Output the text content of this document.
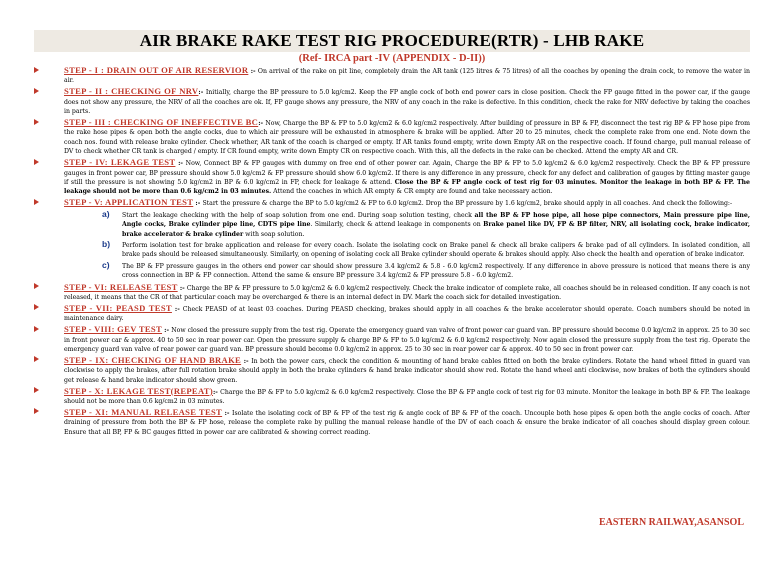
AIR BRAKE RAKE TEST RIG PROCEDURE(RTR) - LHB RAKE
(Ref- IRCA part -IV (APPENDIX - D-II))
STEP - I : DRAIN OUT OF AIR RESERVIOR :- On arrival of the rake on pit line, completely drain the AR tank (125 litres & 75 litres) of all the coaches by opening the drain cock, to remove the water in air.
STEP - II : CHECKING OF NRV:- Initially, charge the BP pressure to 5.0 kg/cm2. Keep the FP angle cock of both end power cars in close position. Check the FP gauge fitted in the power car, if the gauge does not show any pressure, the NRV of all the coaches are ok. If, FP gauge shows any pressure, the NRV of any coach in the rake is defective. In this condition, check the rake for NRV defective by taking the coaches in parts.
STEP - III : CHECKING OF INEFFECTIVE BC:- Now, Charge the BP & FP to 5.0 kg/cm2 & 6.0 kg/cm2 respectively. After building of pressure in BP & FP, disconnect the test rig BP & FP hose pipe from the rake hose pipes & open both the angle cocks, due to which air pressure will be exhausted in atmosphere & brake will be applied. After 20 to 25 minutes, check the complete rake from one end. Note down the coach nos. found with release brake cylinder. Check whether, AR tank of the coach is charged or empty. If AR tanks found empty, write down Empty AR on the respective coach. If found charge, pull manual release of DV to check whether CR tank is charged / empty. If CR found empty, write down Empty CR on respective coach. With this, all the defects in the rake can be checked. Attend the empty AR and CR.
STEP - IV: LEKAGE TEST :- Now, Connect BP & FP gauges with dummy on free end of other power car. Again, Charge the BP & FP to 5.0 kg/cm2 & 6.0 kg/cm2 respectively. Check the BP & FP pressure gauges in front power car, BP pressure should show 5.0 kg/cm2 & FP pressure should show 6.0 kg/cm2. If there is any difference in any pressure, check for any defect and calibration of gauges by fitting master gauge if still the pressure is not showing 5.0 kg/cm2 in BP & 6.0 kg/cm2 in FP, check for leakage & attend. Close the BP & FP angle cock of test rig for 03 minutes. Monitor the leakage in both BP & FP. The leakage should not be more than 0.6 kg/cm2 in 03 minutes. Attend the coaches in which AR empty & CR empty are found and take necessary action.
STEP - V: APPLICATION TEST :- Start the pressure & charge the BP to 5.0 kg/cm2 & FP to 6.0 kg/cm2. Drop the BP pressure by 1.6 kg/cm2, brake should apply in all coaches. And check the following:-
a) Start the leakage checking with the help of soap solution from one end. During soap solution testing, check all the BP & FP hose pipe, all hose pipe connectors, Main pressure pipe line, Angle cocks, Brake cylinder pipe line, CDTS pipe line. Similarly, check & attend leakage in components on Brake panel like DV, FP & BP filter, NRV, all isolating cock, brake indicator, brake accelerator & brake cylinder with soap solution.
b) Perform isolation test for brake application and release for every coach. Isolate the isolating cock on Brake panel & check all brake calipers & brake pad of all cylinders. In isolated condition, all brake pads should be released simultaneously. Similarly, on opening of isolating cock all Brake cylinder should operate & brakes should apply. Also check the health and operation of brake indicator.
c) The BP & FP pressure gauges in the others end power car should show pressure 3.4 kg/cm2 & 5.8 - 6.0 kg/cm2 respectively. If any difference in above pressure is noticed that means there is any cross connection in BP & FP connection. Attend the same & ensure BP pressure 3.4 kg/cm2 & FP pressure 5.8 - 6.0 kg/cm2.
STEP - VI: RELEASE TEST :- Charge the BP & FP pressure to 5.0 kg/cm2 & 6.0 kg/cm2 respectively. Check the brake indicator of complete rake, all coaches should be in released condition. If any coach is not released, it means that the CR of that particular coach may be overcharged & there is an internal defect in DV. Mark the coach sick for detailed investigation.
STEP - VII: PEASD TEST :- Check PEASD of at least 03 coaches. During PEASD checking, brakes should apply in all coaches & the brake accelerator should operate. Coach numbers should be noted in maintenance dairy.
STEP - VIII: GEV TEST :- Now closed the pressure supply from the test rig. Operate the emergency guard van valve of front power car guard van. BP pressure should become 0.0 kg/cm2 in approx. 25 to 30 sec in front power car & approx. 40 to 50 sec in rear power car. Open the pressure supply & charge BP & FP to 5.0 kg/cm2 & 6.0 kg/cm2 respectively. Now again closed the pressure supply from the test rig. Operate the emergency guard van valve of rear power car guard van. BP pressure should become 0.0 kg/cm2 in approx. 25 to 30 sec in rear power car & approx. 40 to 50 sec in front power car.
STEP - IX: CHECKING OF HAND BRAKE :- In both the power cars, check the condition & mounting of hand brake cables fitted on both the brake cylinders. Rotate the hand wheel fitted in guard van clockwise to apply the brakes, after full rotation brake should apply in both the brake cylinders & hand brake indicator should show red. Rotate the hand wheel anti clockwise, now brakes of both the cylinders should get release & hand brake indicator should show green.
STEP - X: LEKAGE TEST(REPEAT):- Charge the BP & FP to 5.0 kg/cm2 & 6.0 kg/cm2 respectively. Close the BP & FP angle cock of test rig for 03 minute. Monitor the leakage in both BP & FP. The leakage should not be more than 0.6 kg/cm2 in 03 minutes.
STEP - XI: MANUAL RELEASE TEST :- Isolate the isolating cock of BP & FP of the test rig & angle cock of BP & FP of the coach. Uncouple both hose pipes & open both the angle cocks of coach. After draining of pressure from both the BP & FP hose, release the complete rake by pulling the manual release handle of the DV of each coach & ensure the brake indicator of all coaches should display green colour. Ensure that all BP, FP & BC gauges fitted in power car are calibrated & showing correct reading.
EASTERN RAILWAY,ASANSOL
